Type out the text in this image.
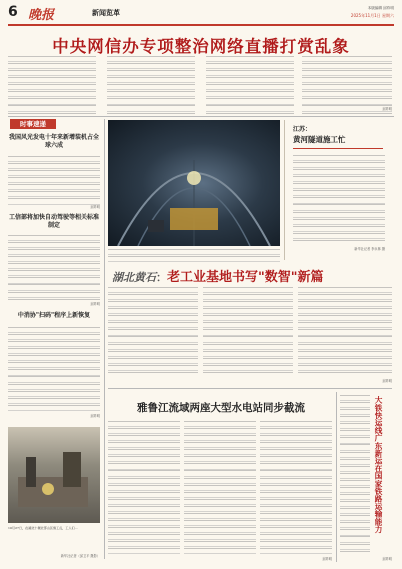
6 晚报	新闻览革
本版编辑 邱炸明
2025年11月1日 星期六
中央网信办专项整治网络直播打赏乱象
邱炸明
时事速递
我国风光发电十年来新增装机占全球六成
邱炸明
工信部将加快自动驾驶等相关标准制定
邱炸明
中消协"扫码"程序上新恢复
邱炸明
10月27日，在湖北十堰北部山区施工点，工人们...
新华社记者（邱卫平 摄影）
江苏：
黄河隧道施工忙
新华社记者 李永林 摄
湖北黄石：老工业基地书写"数智"新篇
邱炸明
雅鲁江流域两座大型水电站同步截流
邱炸明
大铁快运线广东新运在国家铁路运输能力
邱炸明
